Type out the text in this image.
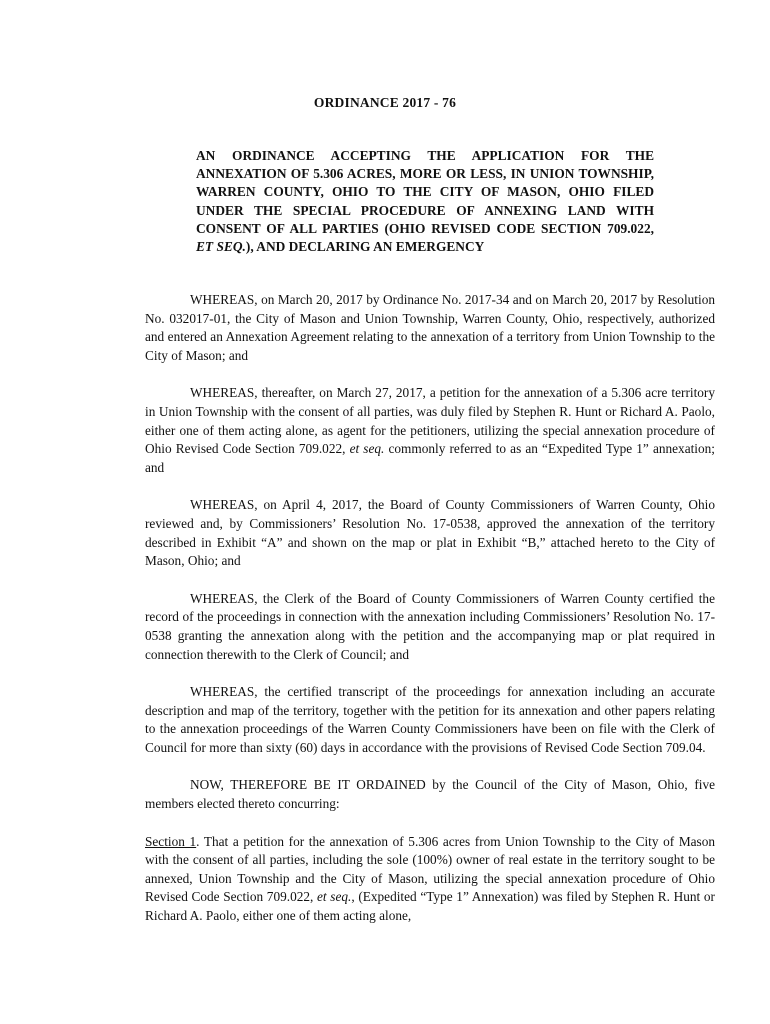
ORDINANCE 2017 - 76
AN ORDINANCE ACCEPTING THE APPLICATION FOR THE ANNEXATION OF 5.306 ACRES, MORE OR LESS, IN UNION TOWNSHIP, WARREN COUNTY, OHIO TO THE CITY OF MASON, OHIO FILED UNDER THE SPECIAL PROCEDURE OF ANNEXING LAND WITH CONSENT OF ALL PARTIES (OHIO REVISED CODE SECTION 709.022, ET SEQ.), AND DECLARING AN EMERGENCY

WHEREAS, on March 20, 2017 by Ordinance No. 2017-34 and on March 20, 2017 by Resolution No. 032017-01, the City of Mason and Union Township, Warren County, Ohio, respectively, authorized and entered an Annexation Agreement relating to the annexation of a territory from Union Township to the City of Mason; and

WHEREAS, thereafter, on March 27, 2017, a petition for the annexation of a 5.306 acre territory in Union Township with the consent of all parties, was duly filed by Stephen R. Hunt or Richard A. Paolo, either one of them acting alone, as agent for the petitioners, utilizing the special annexation procedure of Ohio Revised Code Section 709.022, et seq. commonly referred to as an “Expedited Type 1” annexation; and

WHEREAS, on April 4, 2017, the Board of County Commissioners of Warren County, Ohio reviewed and, by Commissioners’ Resolution No. 17-0538, approved the annexation of the territory described in Exhibit “A” and shown on the map or plat in Exhibit “B,” attached hereto to the City of Mason, Ohio; and

WHEREAS, the Clerk of the Board of County Commissioners of Warren County certified the record of the proceedings in connection with the annexation including Commissioners’ Resolution No. 17-0538 granting the annexation along with the petition and the accompanying map or plat required in connection therewith to the Clerk of Council; and

WHEREAS, the certified transcript of the proceedings for annexation including an accurate description and map of the territory, together with the petition for its annexation and other papers relating to the annexation proceedings of the Warren County Commissioners have been on file with the Clerk of Council for more than sixty (60) days in accordance with the provisions of Revised Code Section 709.04.

NOW, THEREFORE BE IT ORDAINED by the Council of the City of Mason, Ohio, five members elected thereto concurring:

Section 1. That a petition for the annexation of 5.306 acres from Union Township to the City of Mason with the consent of all parties, including the sole (100%) owner of real estate in the territory sought to be annexed, Union Township and the City of Mason, utilizing the special annexation procedure of Ohio Revised Code Section 709.022, et seq., (Expedited “Type 1” Annexation) was filed by Stephen R. Hunt or Richard A. Paolo, either one of them acting alone,
